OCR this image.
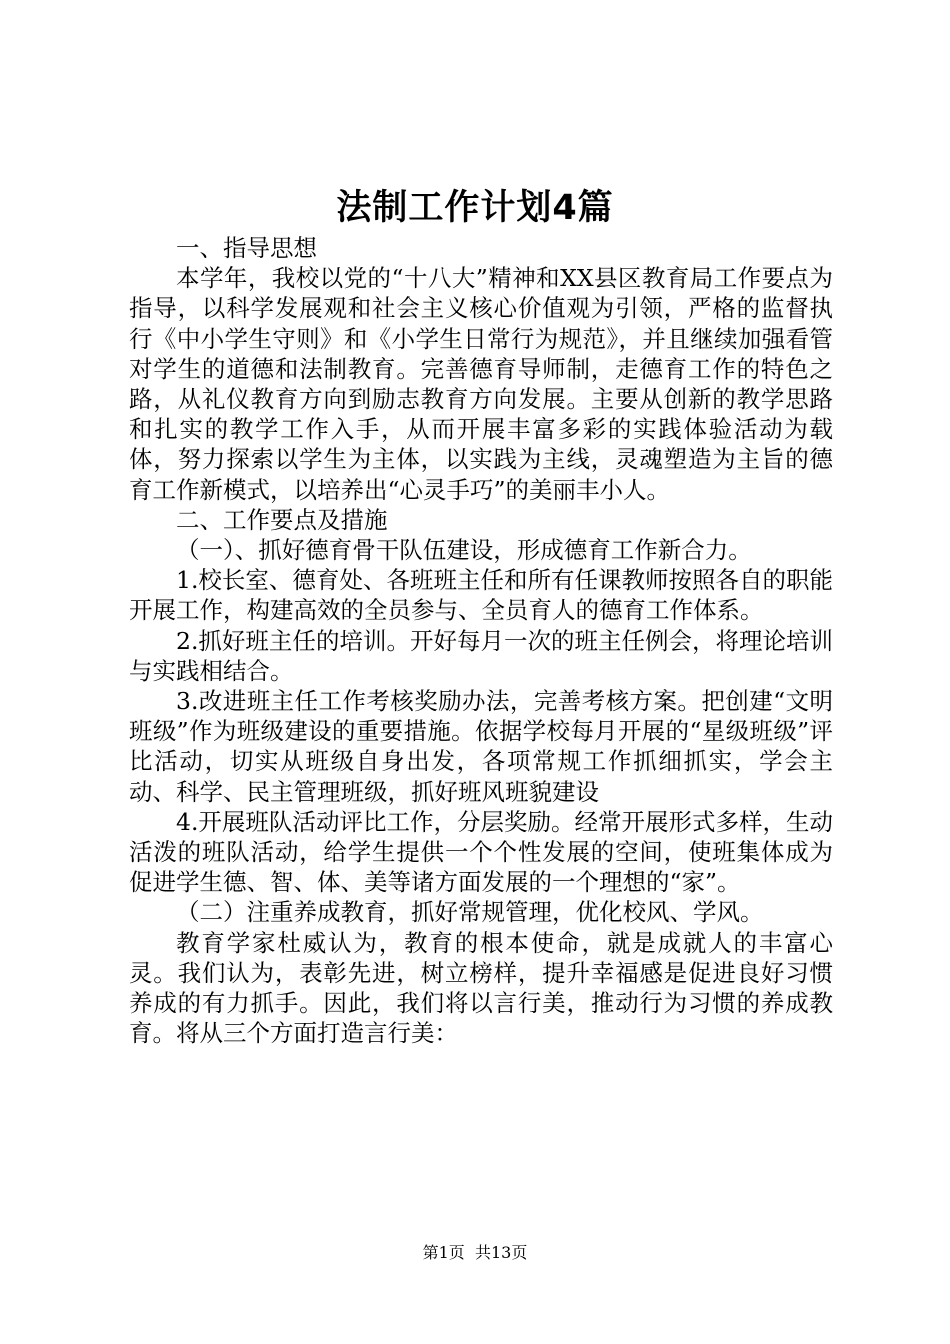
法制工作计划4篇

一、指导思想

本学年，我校以党的“十八大”精神和XX县区教育局工作要点为指导，以科学发展观和社会主义核心价值观为引领，严格的监督执行《中小学生守则》和《小学生日常行为规范》，并且继续加强看管对学生的道德和法制教育。完善德育导师制，走德育工作的特色之路，从礼仪教育方向到励志教育方向发展。主要从创新的教学思路和扎实的教学工作入手，从而开展丰富多彩的实践体验活动为载体，努力探索以学生为主体，以实践为主线，灵魂塑造为主旨的德育工作新模式，以培养出“心灵手巧”的美丽丰小人。

二、工作要点及措施

（一）、抓好德育骨干队伍建设，形成德育工作新合力。

1.校长室、德育处、各班班主任和所有任课教师按照各自的职能开展工作，构建高效的全员参与、全员育人的德育工作体系。

2.抓好班主任的培训。开好每月一次的班主任例会，将理论培训与实践相结合。

3.改进班主任工作考核奖励办法，完善考核方案。把创建“文明班级”作为班级建设的重要措施。依据学校每月开展的“星级班级”评比活动，切实从班级自身出发，各项常规工作抓细抓实，学会主动、科学、民主管理班级，抓好班风班貌建设

4.开展班队活动评比工作，分层奖励。经常开展形式多样，生动活泼的班队活动，给学生提供一个个性发展的空间，使班集体成为促进学生德、智、体、美等诸方面发展的一个理想的“家”。

（二）注重养成教育，抓好常规管理，优化校风、学风。

教育学家杜威认为，教育的根本使命，就是成就人的丰富心灵。我们认为，表彰先进，树立榜样，提升幸福感是促进良好习惯养成的有力抓手。因此，我们将以言行美，推动行为习惯的养成教育。将从三个方面打造言行美：

第1页 共13页
